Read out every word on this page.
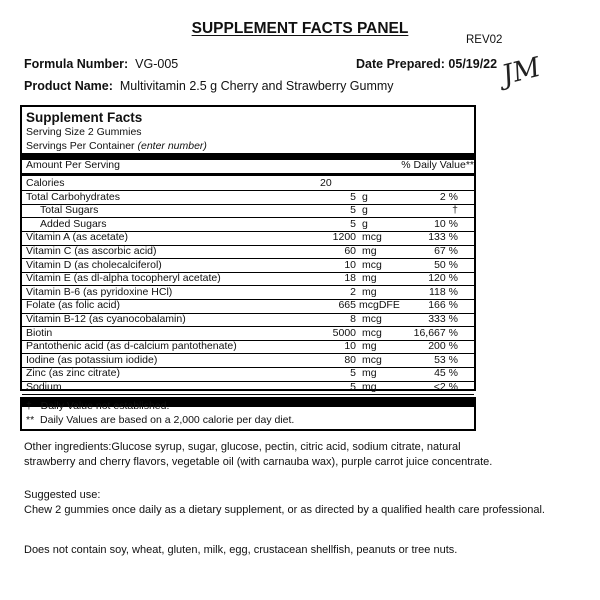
SUPPLEMENT FACTS PANEL
REV02
Formula Number: VG-005	Date Prepared: 05/19/22
Product Name: Multivitamin 2.5 g Cherry and Strawberry Gummy	JM
Supplement Facts
Serving Size 2 Gummies
Servings Per Container (enter number)
Amount Per Serving	% Daily Value**
Calories	20
Total Carbohydrates	5 g	2 %
Total Sugars	5 g	†
Added Sugars	5 g	10 %
Vitamin A (as acetate)	1200 mcg	133 %
Vitamin C (as ascorbic acid)	60 mg	67 %
Vitamin D (as cholecalciferol)	10 mcg	50 %
Vitamin E (as dl-alpha tocopheryl acetate)	18 mg	120 %
Vitamin B-6 (as pyridoxine HCl)	2 mg	118 %
Folate (as folic acid)	665 mcgDFE	166 %
Vitamin B-12 (as cyanocobalamin)	8 mcg	333 %
Biotin	5000 mcg	16,667 %
Pantothenic acid (as d-calcium pantothenate)	10 mg	200 %
Iodine (as potassium iodide)	80 mcg	53 %
Zinc (as zinc citrate)	5 mg	45 %
Sodium	5 mg	<2 %
† Daily Value not established.
** Daily Values are based on a 2,000 calorie per day diet.
Other ingredients:Glucose syrup, sugar, glucose, pectin, citric acid, sodium citrate, natural
strawberry and cherry flavors, vegetable oil (with carnauba wax), purple carrot juice concentrate.
Suggested use:
Chew 2 gummies once daily as a dietary supplement, or as directed by a qualified health care professional.
Does not contain soy, wheat, gluten, milk, egg, crustacean shellfish, peanuts or tree nuts.
